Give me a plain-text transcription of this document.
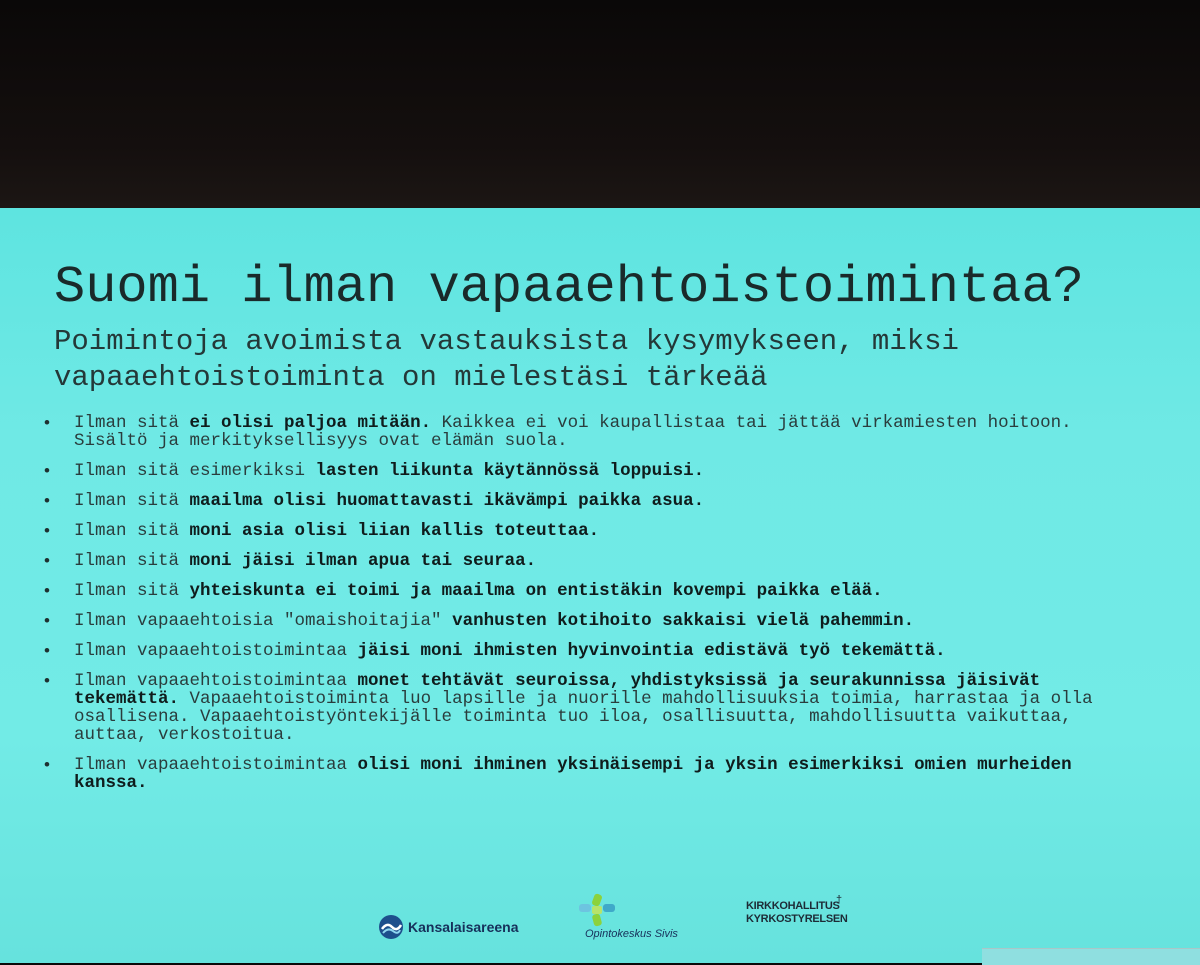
Suomi ilman vapaaehtoistoimintaa?
Poimintoja avoimista vastauksista kysymykseen, miksi vapaaehtoistoiminta on mielestäsi tärkeää
• Ilman sitä ei olisi paljoa mitään. Kaikkea ei voi kaupallistaa tai jättää virkamiesten hoitoon. Sisältö ja merkityksellisyys ovat elämän suola.
• Ilman sitä esimerkiksi lasten liikunta käytännössä loppuisi.
• Ilman sitä maailma olisi huomattavasti ikävämpi paikka asua.
• Ilman sitä moni asia olisi liian kallis toteuttaa.
• Ilman sitä moni jäisi ilman apua tai seuraa.
• Ilman sitä yhteiskunta ei toimi ja maailma on entistäkin kovempi paikka elää.
• Ilman vapaaehtoisia "omaishoitajia" vanhusten kotihoito sakkaisi vielä pahemmin.
• Ilman vapaaehtoistoimintaa jäisi moni ihmisten hyvinvointia edistävä työ tekemättä.
• Ilman vapaaehtoistoimintaa monet tehtävät seuroissa, yhdistyksissä ja seurakunnissa jäisivät tekemättä. Vapaaehtoistoiminta luo lapsille ja nuorille mahdollisuuksia toimia, harrastaa ja olla osallisena. Vapaaehtoistyöntekijälle toiminta tuo iloa, osallisuutta, mahdollisuutta vaikuttaa, auttaa, verkostoitua.
• Ilman vapaaehtoistoimintaa olisi moni ihminen yksinäisempi ja yksin esimerkiksi omien murheiden kanssa.
Kansalaisareena	Opintokeskus Sivis
†
KIRKKOHALLITUS
KYRKOSTYRELSEN
